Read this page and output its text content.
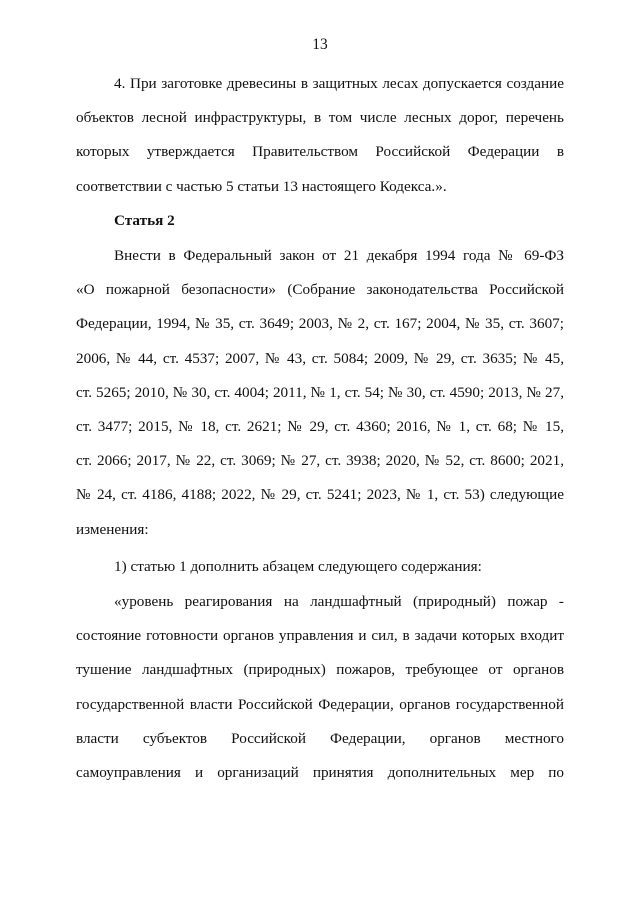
13
4. При заготовке древесины в защитных лесах допускается создание
объектов лесной инфраструктуры, в том числе лесных дорог, перечень
которых утверждается Правительством Российской Федерации в
соответствии с частью 5 статьи 13 настоящего Кодекса.».
Статья 2
Внести в Федеральный закон от 21 декабря 1994 года № 69-ФЗ
«О пожарной безопасности» (Собрание законодательства Российской
Федерации, 1994, № 35, ст. 3649; 2003, № 2, ст. 167; 2004, № 35, ст. 3607;
2006, № 44, ст. 4537; 2007, № 43, ст. 5084; 2009, № 29, ст. 3635; № 45,
ст. 5265; 2010, № 30, ст. 4004; 2011, № 1, ст. 54; № 30, ст. 4590; 2013, № 27,
ст. 3477; 2015, № 18, ст. 2621; № 29, ст. 4360; 2016, № 1, ст. 68; № 15,
ст. 2066; 2017, № 22, ст. 3069; № 27, ст. 3938; 2020, № 52, ст. 8600; 2021,
№ 24, ст. 4186, 4188; 2022, № 29, ст. 5241; 2023, № 1, ст. 53) следующие
изменения:
1) статью 1 дополнить абзацем следующего содержания:
«уровень реагирования на ландшафтный (природный) пожар -
состояние готовности органов управления и сил, в задачи которых входит
тушение ландшафтных (природных) пожаров, требующее от органов
государственной власти Российской Федерации, органов государственной
власти субъектов Российской Федерации, органов местного
самоуправления и организаций принятия дополнительных мер по
